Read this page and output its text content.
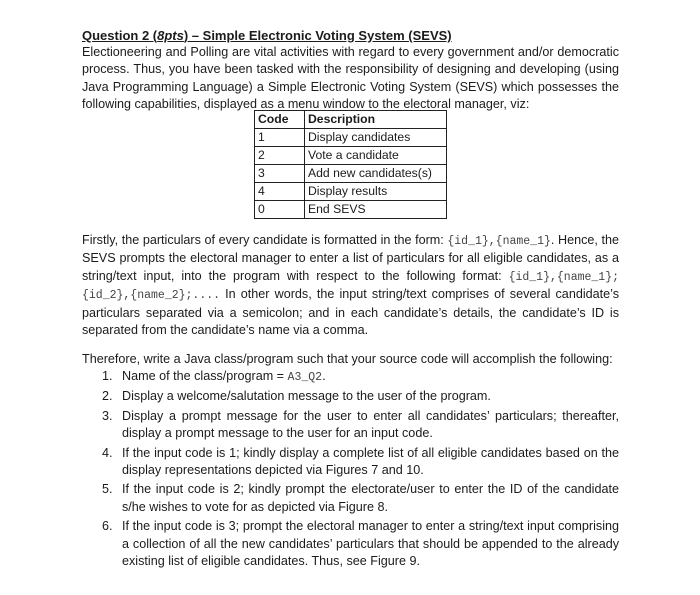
Question 2 (8pts) – Simple Electronic Voting System (SEVS)
Electioneering and Polling are vital activities with regard to every government and/or democratic process. Thus, you have been tasked with the responsibility of designing and developing (using Java Programming Language) a Simple Electronic Voting System (SEVS) which possesses the following capabilities, displayed as a menu window to the electoral manager, viz:
Code	Description
1	Display candidates
2	Vote a candidate
3	Add new candidates(s)
4	Display results
0	End SEVS
Firstly, the particulars of every candidate is formatted in the form: {id_1},{name_1}. Hence, the SEVS prompts the electoral manager to enter a list of particulars for all eligible candidates, as a string/text input, into the program with respect to the following format: {id_1},{name_1};{id_2},{name_2};.... In other words, the input string/text comprises of several candidate’s particulars separated via a semicolon; and in each candidate’s details, the candidate’s ID is separated from the candidate’s name via a comma.
Therefore, write a Java class/program such that your source code will accomplish the following:
1. Name of the class/program = A3_Q2.
2. Display a welcome/salutation message to the user of the program.
3. Display a prompt message for the user to enter all candidates’ particulars; thereafter, display a prompt message to the user for an input code.
4. If the input code is 1; kindly display a complete list of all eligible candidates based on the display representations depicted via Figures 7 and 10.
5. If the input code is 2; kindly prompt the electorate/user to enter the ID of the candidate s/he wishes to vote for as depicted via Figure 8.
6. If the input code is 3; prompt the electoral manager to enter a string/text input comprising a collection of all the new candidates’ particulars that should be appended to the already existing list of eligible candidates. Thus, see Figure 9.
